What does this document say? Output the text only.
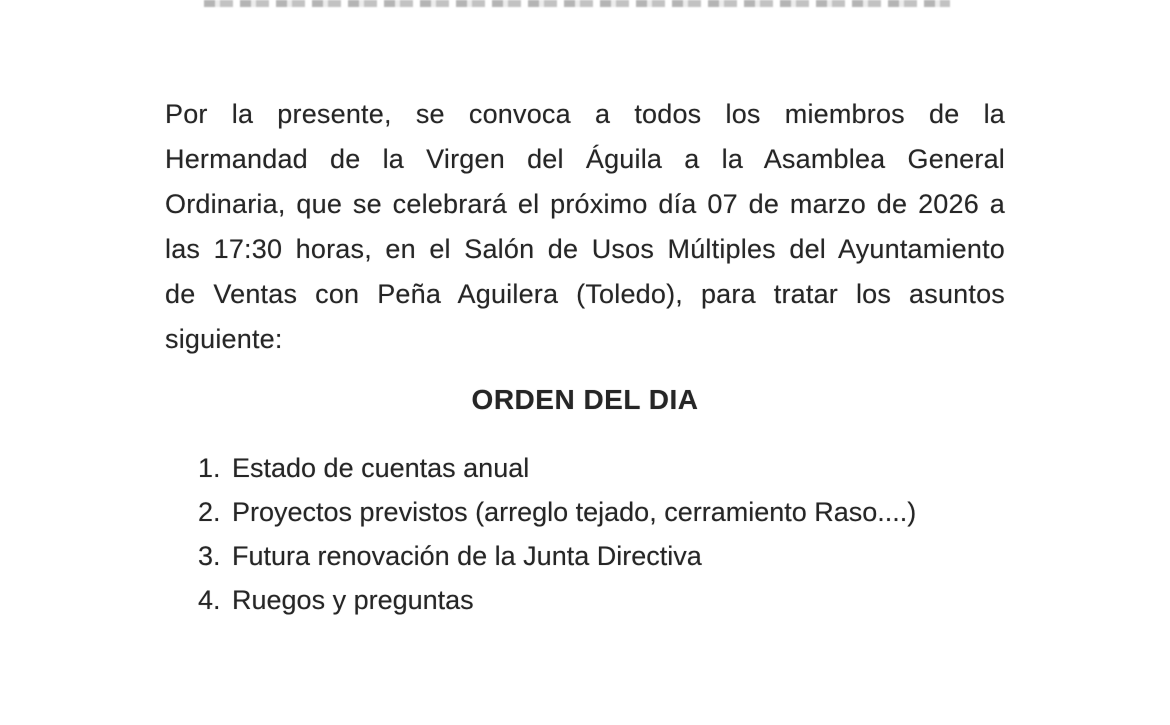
Por la presente, se convoca a todos los miembros de la
Hermandad de la Virgen del Águila a la Asamblea General
Ordinaria, que se celebrará el próximo día 07 de marzo de 2026 a
las 17:30 horas, en el Salón de Usos Múltiples del Ayuntamiento
de Ventas con Peña Aguilera (Toledo), para tratar los asuntos
siguiente:
ORDEN DEL DIA
1. Estado de cuentas anual
2. Proyectos previstos (arreglo tejado, cerramiento Raso....)
3. Futura renovación de la Junta Directiva
4. Ruegos y preguntas
